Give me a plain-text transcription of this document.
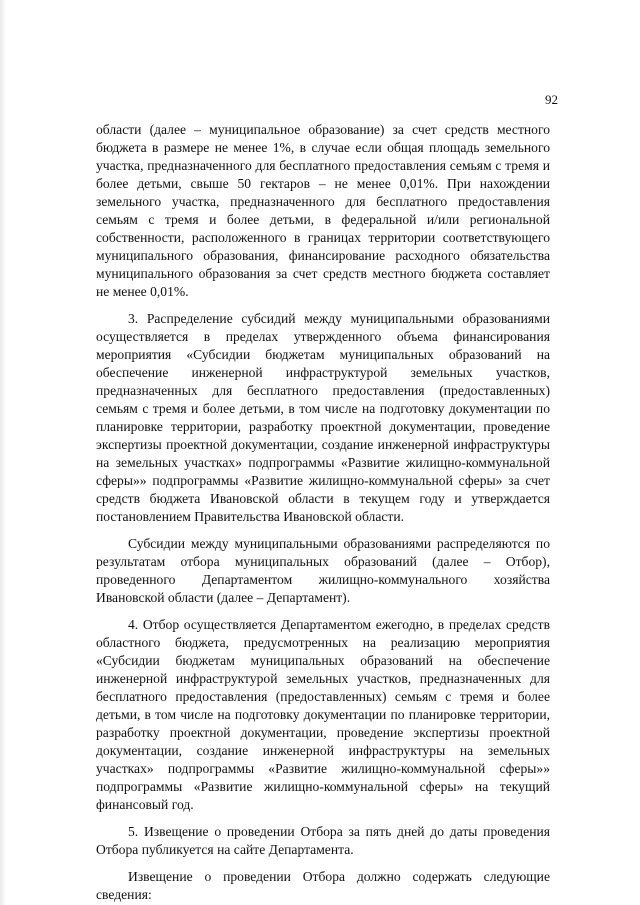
92

области (далее – муниципальное образование) за счет средств местного бюджета в размере не менее 1%, в случае если общая площадь земельного участка, предназначенного для бесплатного предоставления семьям с тремя и более детьми, свыше 50 гектаров – не менее 0,01%. При нахождении земельного участка, предназначенного для бесплатного предоставления семьям с тремя и более детьми, в федеральной и/или региональной собственности, расположенного в границах территории соответствующего муниципального образования, финансирование расходного обязательства муниципального образования за счет средств местного бюджета составляет не менее 0,01%.

3. Распределение субсидий между муниципальными образованиями осуществляется в пределах утвержденного объема финансирования мероприятия «Субсидии бюджетам муниципальных образований на обеспечение инженерной инфраструктурой земельных участков, предназначенных для бесплатного предоставления (предоставленных) семьям с тремя и более детьми, в том числе на подготовку документации по планировке территории, разработку проектной документации, проведение экспертизы проектной документации, создание инженерной инфраструктуры на земельных участках» подпрограммы «Развитие жилищно-коммунальной сферы»» подпрограммы «Развитие жилищно-коммунальной сферы» за счет средств бюджета Ивановской области в текущем году и утверждается постановлением Правительства Ивановской области.

Субсидии между муниципальными образованиями распределяются по результатам отбора муниципальных образований (далее – Отбор), проведенного Департаментом жилищно-коммунального хозяйства Ивановской области (далее – Департамент).

4. Отбор осуществляется Департаментом ежегодно, в пределах средств областного бюджета, предусмотренных на реализацию мероприятия «Субсидии бюджетам муниципальных образований на обеспечение инженерной инфраструктурой земельных участков, предназначенных для бесплатного предоставления (предоставленных) семьям с тремя и более детьми, в том числе на подготовку документации по планировке территории, разработку проектной документации, проведение экспертизы проектной документации, создание инженерной инфраструктуры на земельных участках» подпрограммы «Развитие жилищно-коммунальной сферы»» подпрограммы «Развитие жилищно-коммунальной сферы» на текущий финансовый год.

5. Извещение о проведении Отбора за пять дней до даты проведения Отбора публикуется на сайте Департамента.

Извещение о проведении Отбора должно содержать следующие сведения:
